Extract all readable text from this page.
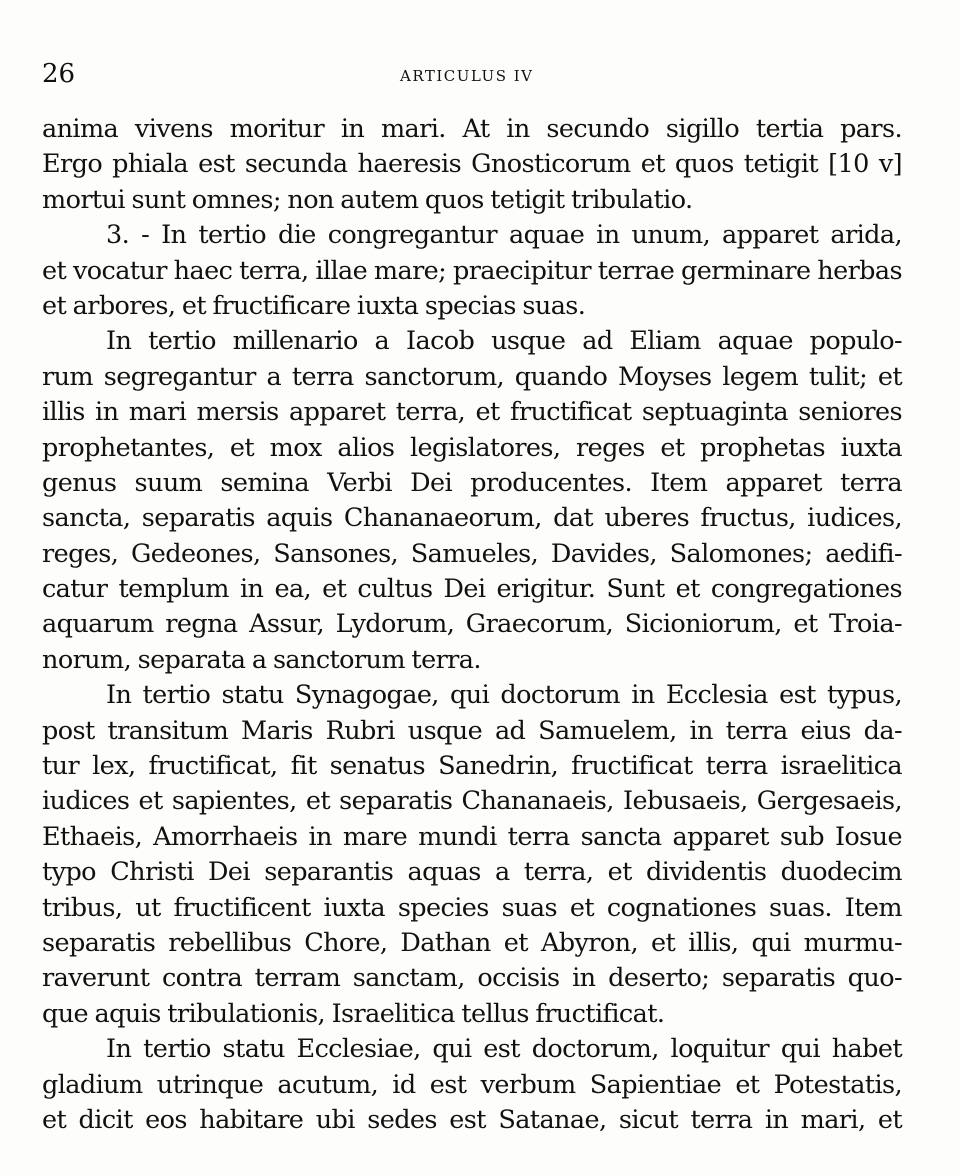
26	ARTICULUS IV
anima vivens moritur in mari. At in secundo sigillo tertia pars.
Ergo phiala est secunda haeresis Gnosticorum et quos tetigit [10 v]
mortui sunt omnes; non autem quos tetigit tribulatio.
3. - In tertio die congregantur aquae in unum, apparet arida,
et vocatur haec terra, illae mare; praecipitur terrae germinare herbas
et arbores, et fructificare iuxta specias suas.
In tertio millenario a Iacob usque ad Eliam aquae populo-
rum segregantur a terra sanctorum, quando Moyses legem tulit; et
illis in mari mersis apparet terra, et fructificat septuaginta seniores
prophetantes, et mox alios legislatores, reges et prophetas iuxta
genus suum semina Verbi Dei producentes. Item apparet terra
sancta, separatis aquis Chananaeorum, dat uberes fructus, iudices,
reges, Gedeones, Sansones, Samueles, Davides, Salomones; aedifi-
catur templum in ea, et cultus Dei erigitur. Sunt et congregationes
aquarum regna Assur, Lydorum, Graecorum, Sicioniorum, et Troia-
norum, separata a sanctorum terra.
In tertio statu Synagogae, qui doctorum in Ecclesia est typus,
post transitum Maris Rubri usque ad Samuelem, in terra eius da-
tur lex, fructificat, fit senatus Sanedrin, fructificat terra israelitica
iudices et sapientes, et separatis Chananaeis, Iebusaeis, Gergesaeis,
Ethaeis, Amorrhaeis in mare mundi terra sancta apparet sub Iosue
typo Christi Dei separantis aquas a terra, et dividentis duodecim
tribus, ut fructificent iuxta species suas et cognationes suas. Item
separatis rebellibus Chore, Dathan et Abyron, et illis, qui murmu-
raverunt contra terram sanctam, occisis in deserto; separatis quo-
que aquis tribulationis, Israelitica tellus fructificat.
In tertio statu Ecclesiae, qui est doctorum, loquitur qui habet
gladium utrinque acutum, id est verbum Sapientiae et Potestatis,
et dicit eos habitare ubi sedes est Satanae, sicut terra in mari, et
